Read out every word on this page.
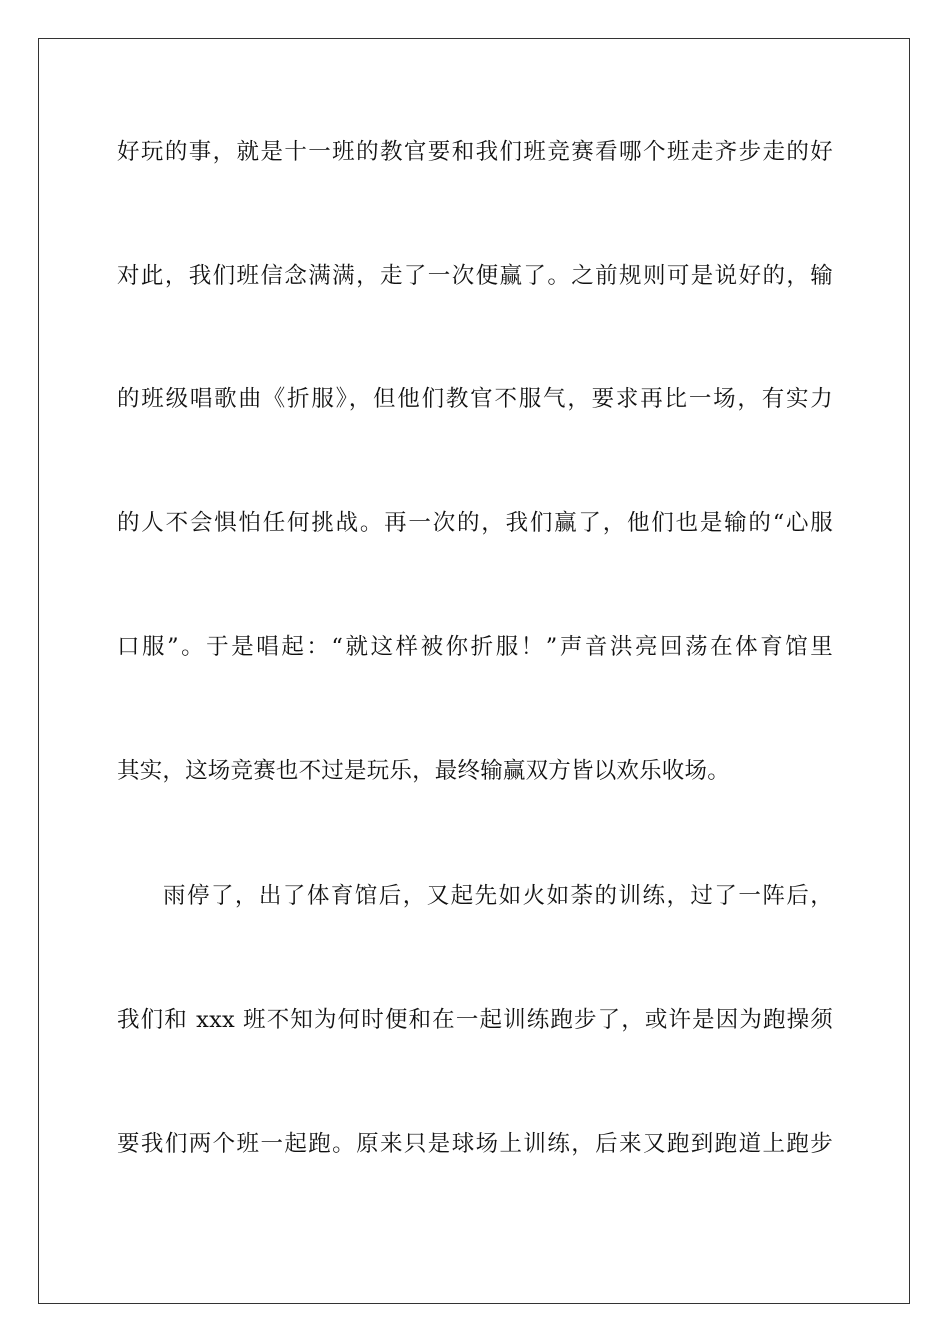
好玩的事，就是十一班的教官要和我们班竞赛看哪个班走齐步走的好
对此，我们班信念满满，走了一次便赢了。之前规则可是说好的，输
的班级唱歌曲《折服》，但他们教官不服气，要求再比一场，有实力
的人不会惧怕任何挑战。再一次的，我们赢了，他们也是输的“心服
口服”。于是唱起：“就这样被你折服！”声音洪亮回荡在体育馆里
其实，这场竞赛也不过是玩乐，最终输赢双方皆以欢乐收场。
雨停了，出了体育馆后，又起先如火如荼的训练，过了一阵后，
我们和 xxx 班不知为何时便和在一起训练跑步了，或许是因为跑操须
要我们两个班一起跑。原来只是球场上训练，后来又跑到跑道上跑步
